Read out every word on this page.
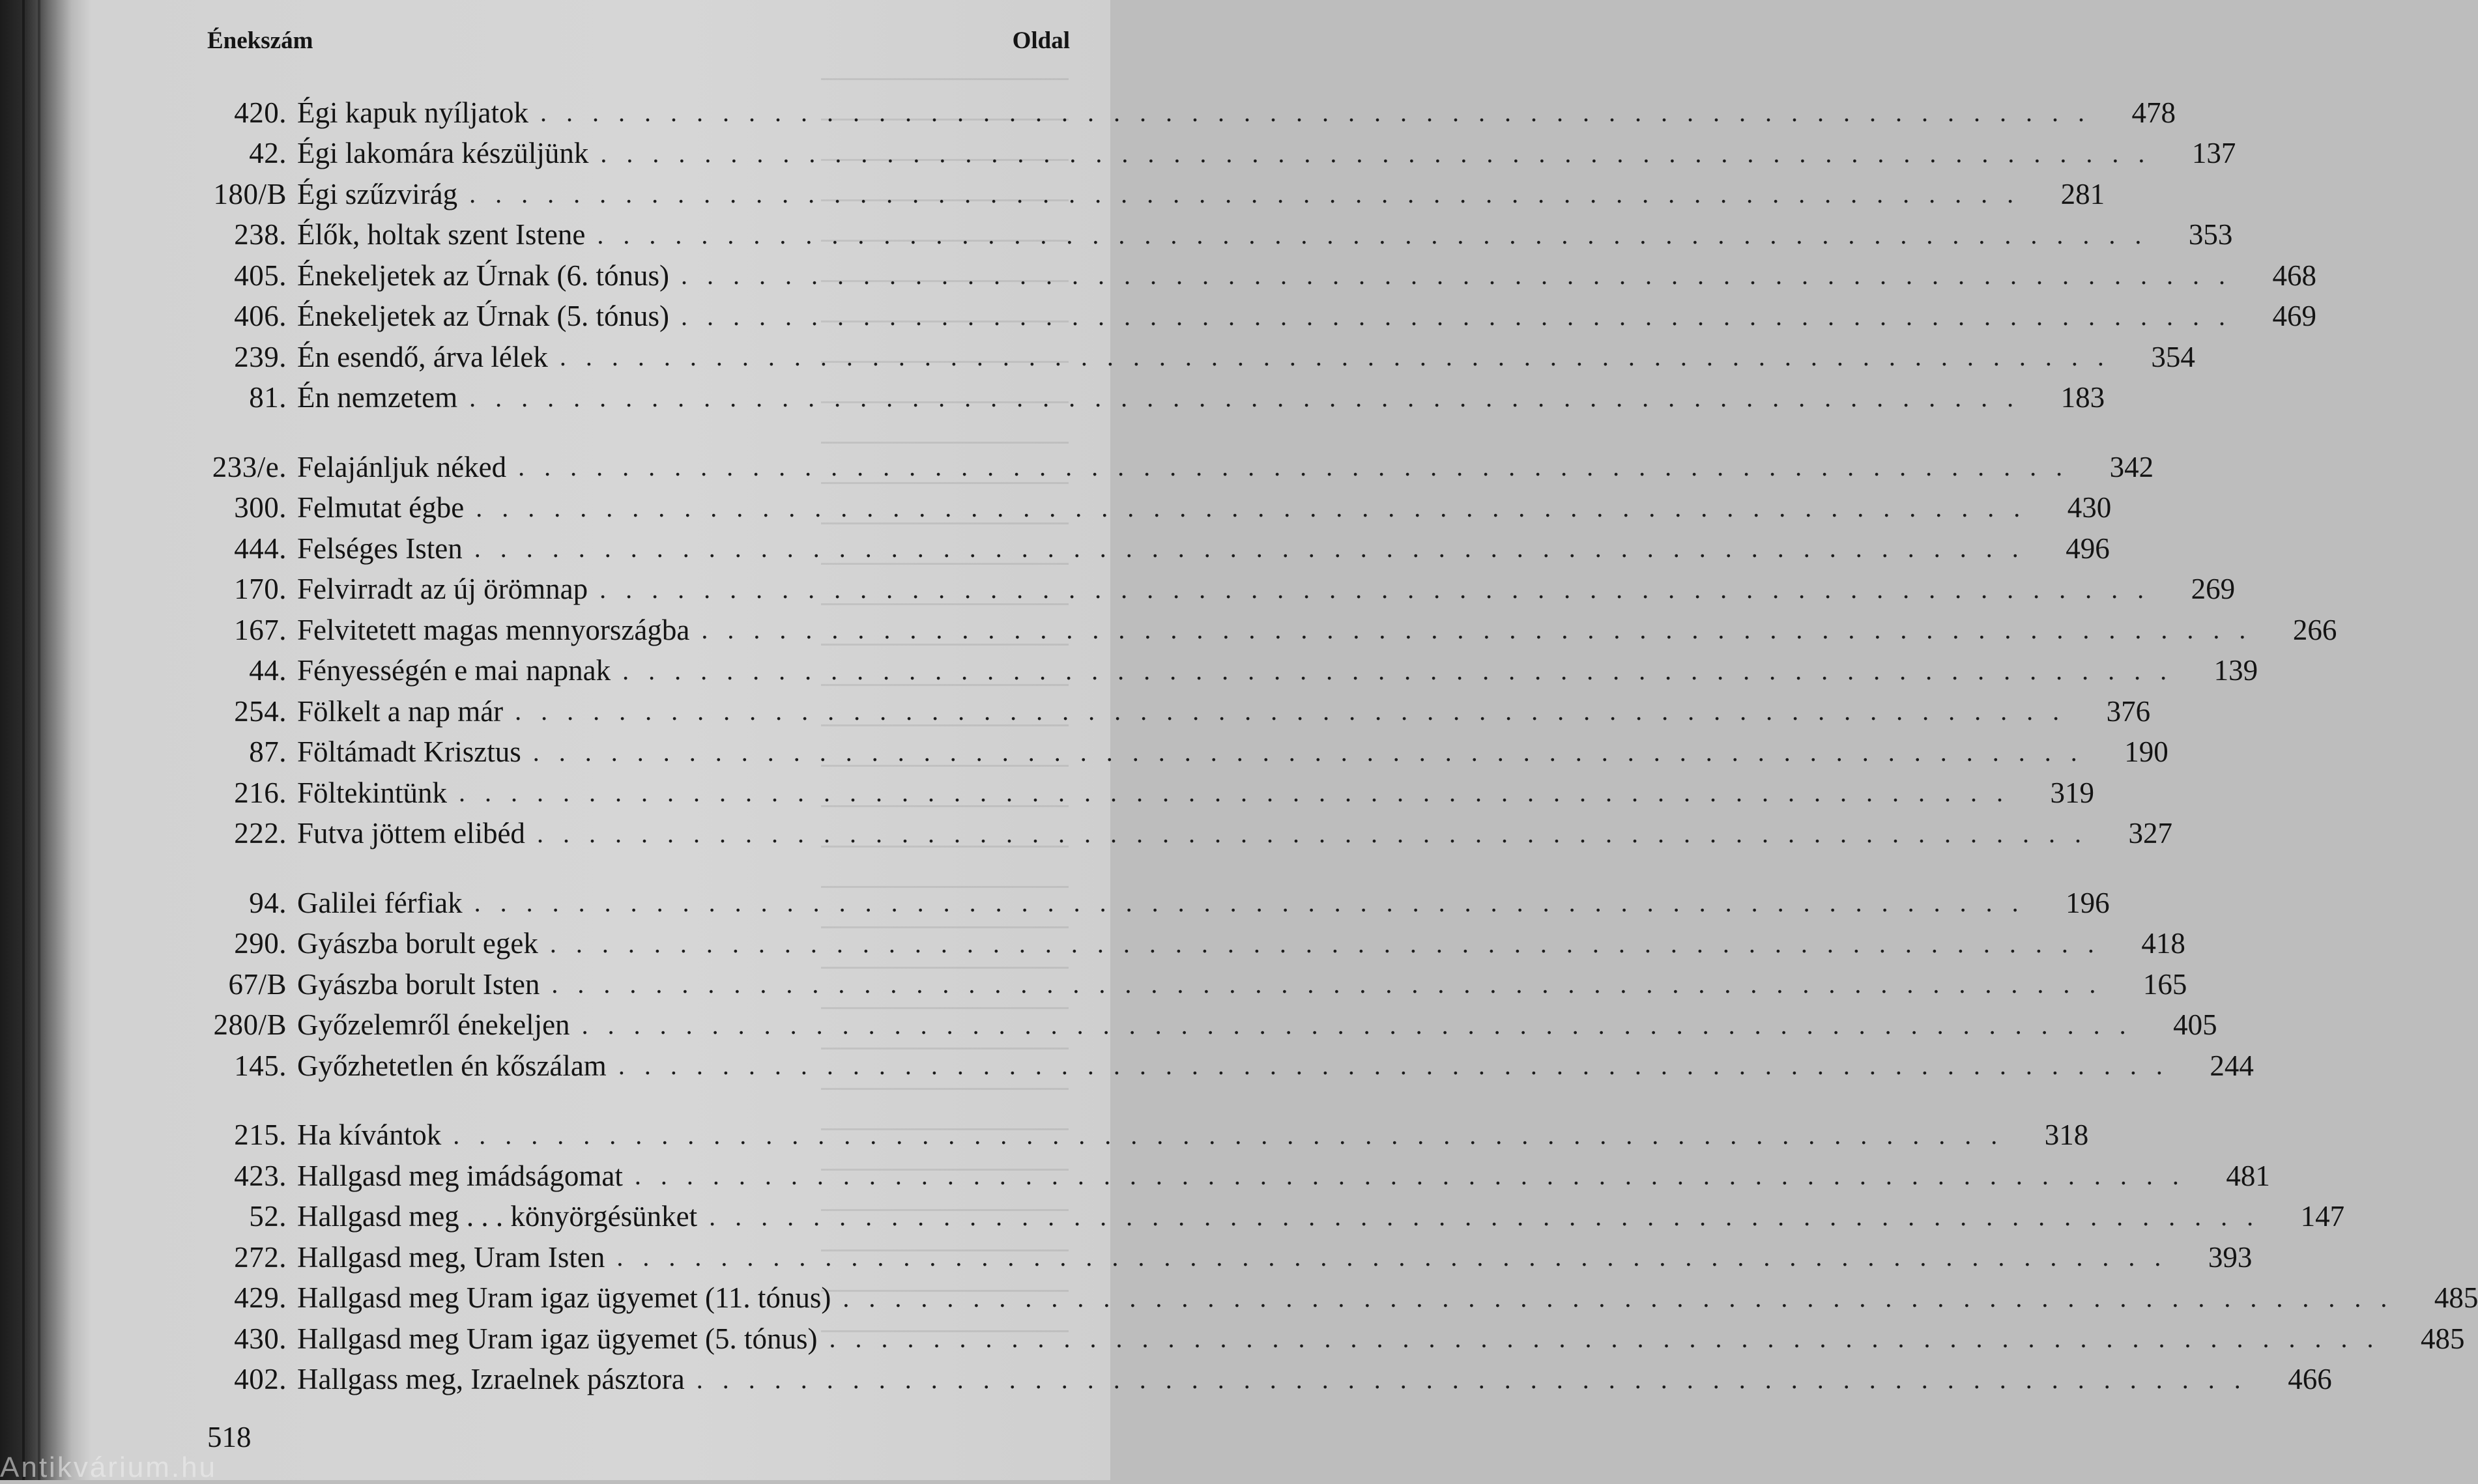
Énekszám	Oldal
420. Égi kapuk nyíljatok . . . . . . . . . . . . . . . . . . . . . . . . . . . . . . . . . . . . . . . . . . . . . . . . . . . . . . . . . . . .	478
42. Égi lakomára készüljünk . . . . . . . . . . . . . . . . . . . . . . . . . . . . . . . . . . . . . . . . . . . . . . . . . . . . . . . . . . . .	137
180/B Égi szűzvirág . . . . . . . . . . . . . . . . . . . . . . . . . . . . . . . . . . . . . . . . . . . . . . . . . . . . . . . . . . . .	281
238. Élők, holtak szent Istene . . . . . . . . . . . . . . . . . . . . . . . . . . . . . . . . . . . . . . . . . . . . . . . . . . . . . . . . . . . .	353
405. Énekeljetek az Úrnak (6. tónus) . . . . . . . . . . . . . . . . . . . . . . . . . . . . . . . . . . . . . . . . . . . . . . . . . . . . . . . . . . . .	468
406. Énekeljetek az Úrnak (5. tónus) . . . . . . . . . . . . . . . . . . . . . . . . . . . . . . . . . . . . . . . . . . . . . . . . . . . . . . . . . . . .	469
239. Én esendő, árva lélek . . . . . . . . . . . . . . . . . . . . . . . . . . . . . . . . . . . . . . . . . . . . . . . . . . . . . . . . . . . .	354
81. Én nemzetem . . . . . . . . . . . . . . . . . . . . . . . . . . . . . . . . . . . . . . . . . . . . . . . . . . . . . . . . . . . .	183
233/e. Felajánljuk néked . . . . . . . . . . . . . . . . . . . . . . . . . . . . . . . . . . . . . . . . . . . . . . . . . . . . . . . . . . . .	342
300. Felmutat égbe . . . . . . . . . . . . . . . . . . . . . . . . . . . . . . . . . . . . . . . . . . . . . . . . . . . . . . . . . . . .	430
444. Felséges Isten . . . . . . . . . . . . . . . . . . . . . . . . . . . . . . . . . . . . . . . . . . . . . . . . . . . . . . . . . . . .	496
170. Felvirradt az új örömnap . . . . . . . . . . . . . . . . . . . . . . . . . . . . . . . . . . . . . . . . . . . . . . . . . . . . . . . . . . . .	269
167. Felvitetett magas mennyországba . . . . . . . . . . . . . . . . . . . . . . . . . . . . . . . . . . . . . . . . . . . . . . . . . . . . . . . . . . . .	266
44. Fényességén e mai napnak . . . . . . . . . . . . . . . . . . . . . . . . . . . . . . . . . . . . . . . . . . . . . . . . . . . . . . . . . . . .	139
254. Fölkelt a nap már . . . . . . . . . . . . . . . . . . . . . . . . . . . . . . . . . . . . . . . . . . . . . . . . . . . . . . . . . . . .	376
87. Föltámadt Krisztus . . . . . . . . . . . . . . . . . . . . . . . . . . . . . . . . . . . . . . . . . . . . . . . . . . . . . . . . . . . .	190
216. Föltekintünk . . . . . . . . . . . . . . . . . . . . . . . . . . . . . . . . . . . . . . . . . . . . . . . . . . . . . . . . . . . .	319
222. Futva jöttem elibéd . . . . . . . . . . . . . . . . . . . . . . . . . . . . . . . . . . . . . . . . . . . . . . . . . . . . . . . . . . . .	327
94. Galilei férfiak . . . . . . . . . . . . . . . . . . . . . . . . . . . . . . . . . . . . . . . . . . . . . . . . . . . . . . . . . . . .	196
290. Gyászba borult egek . . . . . . . . . . . . . . . . . . . . . . . . . . . . . . . . . . . . . . . . . . . . . . . . . . . . . . . . . . . .	418
67/B Gyászba borult Isten . . . . . . . . . . . . . . . . . . . . . . . . . . . . . . . . . . . . . . . . . . . . . . . . . . . . . . . . . . . .	165
280/B Győzelemről énekeljen . . . . . . . . . . . . . . . . . . . . . . . . . . . . . . . . . . . . . . . . . . . . . . . . . . . . . . . . . . . .	405
145. Győzhetetlen én kőszálam . . . . . . . . . . . . . . . . . . . . . . . . . . . . . . . . . . . . . . . . . . . . . . . . . . . . . . . . . . . .	244
215. Ha kívántok . . . . . . . . . . . . . . . . . . . . . . . . . . . . . . . . . . . . . . . . . . . . . . . . . . . . . . . . . . . .	318
423. Hallgasd meg imádságomat . . . . . . . . . . . . . . . . . . . . . . . . . . . . . . . . . . . . . . . . . . . . . . . . . . . . . . . . . . . .	481
52. Hallgasd meg . . . könyörgésünket . . . . . . . . . . . . . . . . . . . . . . . . . . . . . . . . . . . . . . . . . . . . . . . . . . . . . . . . . . . .	147
272. Hallgasd meg, Uram Isten . . . . . . . . . . . . . . . . . . . . . . . . . . . . . . . . . . . . . . . . . . . . . . . . . . . . . . . . . . . .	393
429. Hallgasd meg Uram igaz ügyemet (11. tónus) . . . . . . . . . . . . . . . . . . . . . . . . . . . . . . . . . . . . . . . . . . . . . . . . . . . . . . . . . . . .	485
430. Hallgasd meg Uram igaz ügyemet (5. tónus) . . . . . . . . . . . . . . . . . . . . . . . . . . . . . . . . . . . . . . . . . . . . . . . . . . . . . . . . . . . .	485
402. Hallgass meg, Izraelnek pásztora . . . . . . . . . . . . . . . . . . . . . . . . . . . . . . . . . . . . . . . . . . . . . . . . . . . . . . . . . . . .	466
518
Antikvárium.hu
